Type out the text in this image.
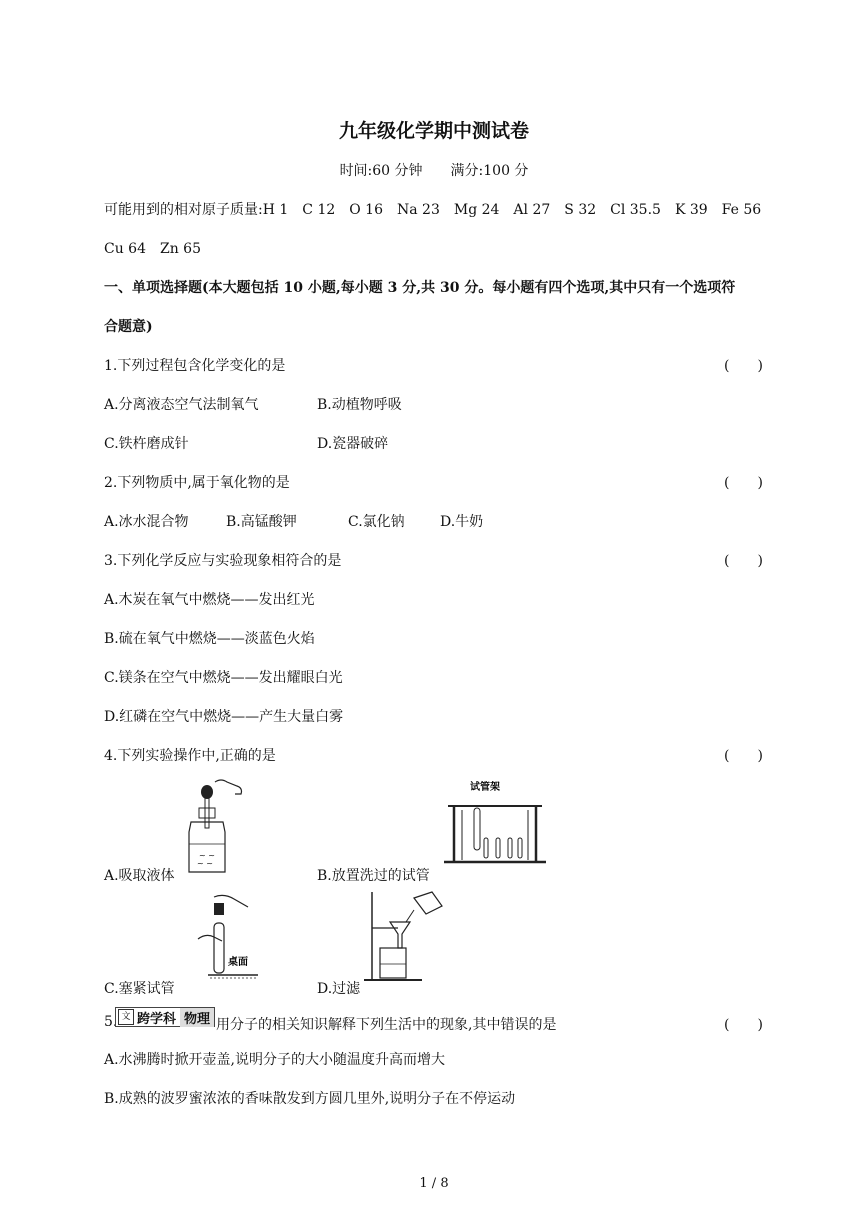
九年级化学期中测试卷
时间:60 分钟　　满分:100 分
可能用到的相对原子质量:H 1　C 12　O 16　Na 23　Mg 24　Al 27　S 32　Cl 35.5　K 39　Fe 56
Cu 64　Zn 65
一、单项选择题(本大题包括 10 小题,每小题 3 分,共 30 分。每小题有四个选项,其中只有一个选项符
合题意)
1.下列过程包含化学变化的是	(　　)
A.分离液态空气法制氧气	B.动植物呼吸
C.铁杵磨成针	D.瓷器破碎
2.下列物质中,属于氧化物的是	(　　)
A.冰水混合物	B.高锰酸钾	C.氯化钠	D.牛奶
3.下列化学反应与实验现象相符合的是	(　　)
A.木炭在氧气中燃烧——发出红光
B.硫在氧气中燃烧——淡蓝色火焰
C.镁条在空气中燃烧——发出耀眼白光
D.红磷在空气中燃烧——产生大量白雾
4.下列实验操作中,正确的是	(　　)
~ ~
~ ~
A.吸取液体
试管架
B.放置洗过的试管
桌面
C.塞紧试管	D.过滤
5. 文 跨学科 物理 用分子的相关知识解释下列生活中的现象,其中错误的是	(　　)
A.水沸腾时掀开壶盖,说明分子的大小随温度升高而增大
B.成熟的波罗蜜浓浓的香味散发到方圆几里外,说明分子在不停运动
1 / 8
